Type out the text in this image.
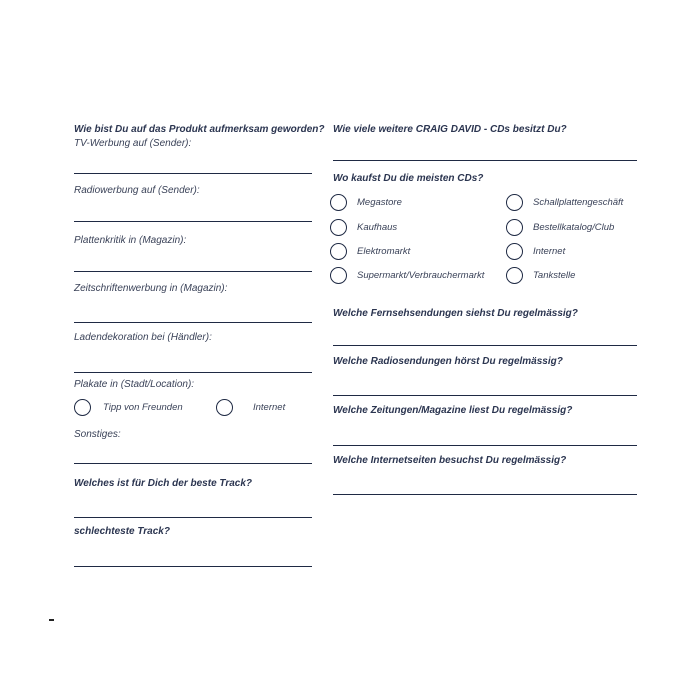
Wie bist Du auf das Produkt aufmerksam geworden?

TV-Werbung auf (Sender):

Radiowerbung auf (Sender):

Plattenkritik in (Magazin):

Zeitschriftenwerbung in (Magazin):

Ladendekoration bei (Händler):

Plakate in (Stadt/Location):

Tipp von Freunden	Internet

Sonstiges:

Welches ist für Dich der beste Track?

schlechteste Track?

Wie viele weitere CRAIG DAVID - CDs besitzt Du?

Wo kaufst Du die meisten CDs?

Megastore	Schallplattengeschäft
Kaufhaus	Bestellkatalog/Club
Elektromarkt	Internet
Supermarkt/Verbrauchermarkt	Tankstelle

Welche Fernsehsendungen siehst Du regelmässig?

Welche Radiosendungen hörst Du regelmässig?

Welche Zeitungen/Magazine liest Du regelmässig?

Welche Internetseiten besuchst Du regelmässig?
